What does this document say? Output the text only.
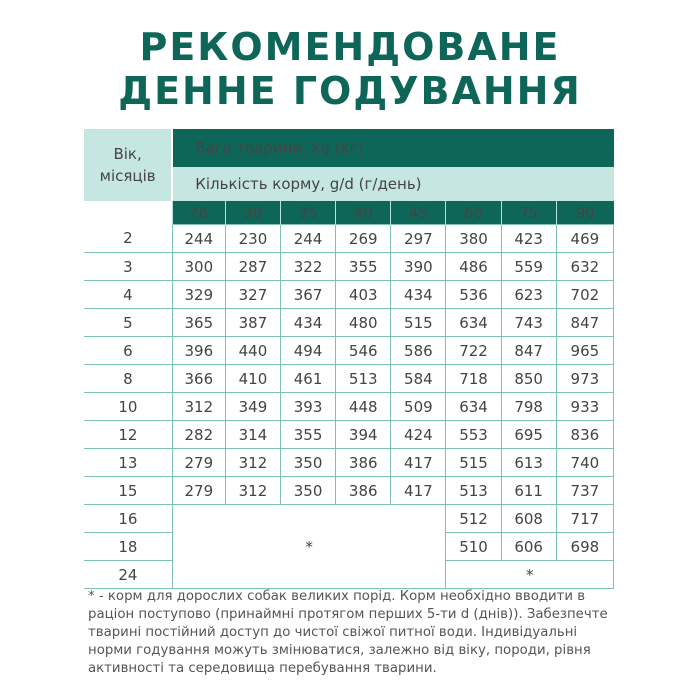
РЕКОМЕНДОВАНЕ
ДЕННЕ ГОДУВАННЯ
Вік, місяців	Вага тварини, kg (кг)							
	Кількість корму, g/d (г/день)							
	26	30	35	40	45	60	75	90
2	244	230	244	269	297	380	423	469
3	300	287	322	355	390	486	559	632
4	329	327	367	403	434	536	623	702
5	365	387	434	480	515	634	743	847
6	396	440	494	546	586	722	847	965
8	366	410	461	513	584	718	850	973
10	312	349	393	448	509	634	798	933
12	282	314	355	394	424	553	695	836
13	279	312	350	386	417	515	613	740
15	279	312	350	386	417	513	611	737
16	*					512	608	717
18						510	606	698
24						*		
* - корм для дорослих собак великих порід. Корм необхідно вводити в раціон поступово (принаймні протягом перших 5-ти d (днів)). Забезпечте тварині постійний доступ до чистої свіжої питної води. Індивідуальні норми годування можуть змінюватися, залежно від віку, породи, рівня активності та середовища перебування тварини.
